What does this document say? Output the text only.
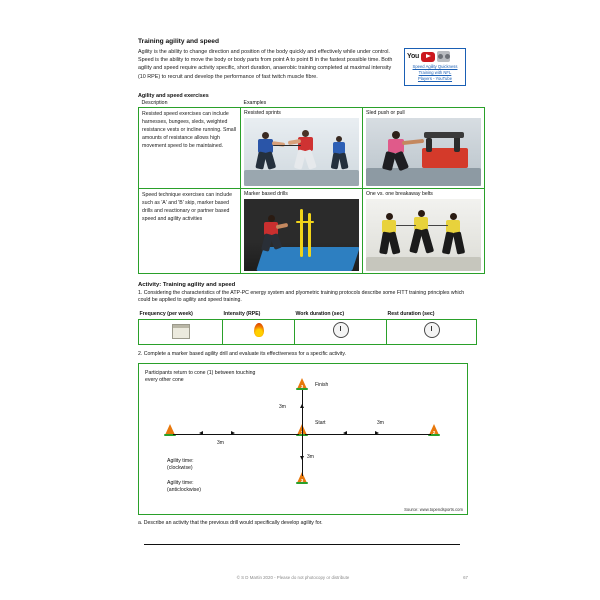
Training agility and speed

Agility is the ability to change direction and position of the body quickly and effectively while under control. Speed is the ability to move the body or body parts from point A to point B in the fastest possible time. Both agility and speed require activity specific, short duration, anaerobic training completed at maximal intensity (10 RPE) to recruit and develop the performance of fast twitch muscle fibre.

You
Speed Agility Quickness
Training with NFL
Players - YouTube
Agility and speed exercises
Description	Examples	

Resisted speed exercises can include harnesses, bungees, sleds, weighted resistance vests or incline running. Small amounts of resistance allows high movement speed to be maintained.	Resisted sprints	Sled push or pull

Speed technique exercises can include such as 'A' and 'B' skip, marker based drills and reactionary or partner based speed and agility activities	Marker based drills	One vs. one breakaway belts
Activity: Training agility and speed
1. Considering the characteristics of the ATP-PC energy system and plyometric training protocols describe some FITT training principles which could be applied to agility and speed training.
Frequency (per week)	Intensity (RPE)	Work duration (sec)	Rest duration (sec)

2. Complete a marker based agility drill and evaluate its effectiveness for a specific activity.
Participants return to cone (1) between touching every other cone
3
3
2
3m
3m
3m
3m
Finish
Start
Agility time:
(clockwise)
Agility time:
(anticlockwise)
Source: www.topendsports.com
a. Describe an activity that the previous drill would specifically develop agility for.
© S D Martin 2020 - Please do not photocopy or distribute	67
